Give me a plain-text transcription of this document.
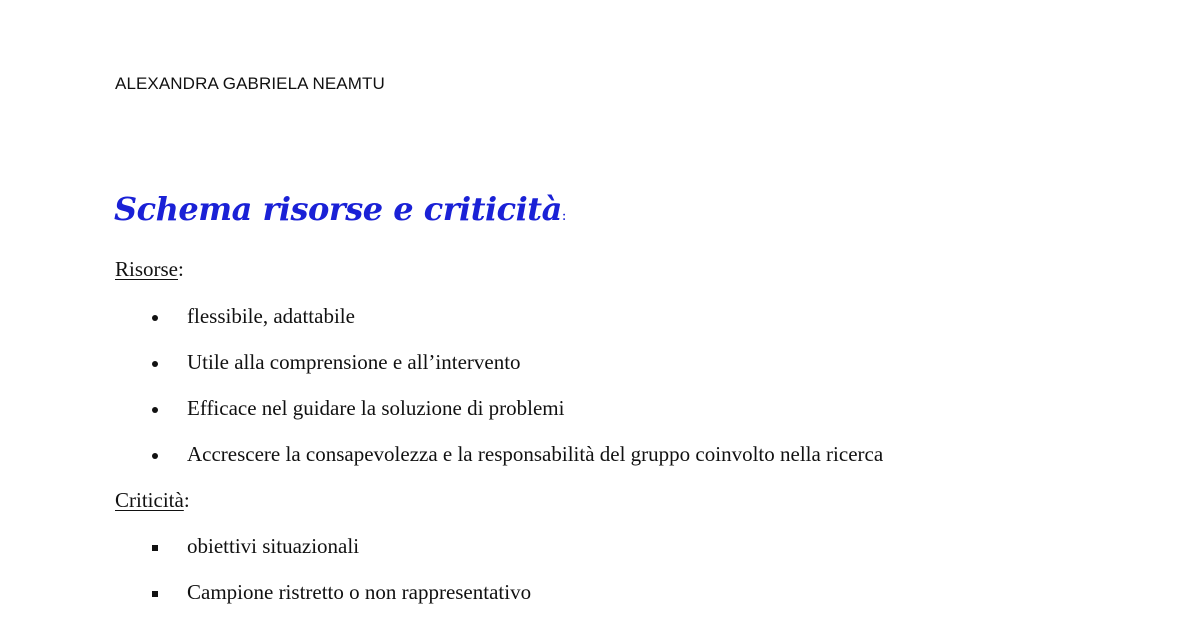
ALEXANDRA GABRIELA NEAMTU
Schema risorse e criticità:
Risorse:
flessibile, adattabile
Utile alla comprensione e all’intervento
Efficace nel guidare la soluzione di problemi
Accrescere la consapevolezza e la responsabilità del gruppo coinvolto nella ricerca
Criticità:
obiettivi situazionali
Campione ristretto o non rappresentativo
